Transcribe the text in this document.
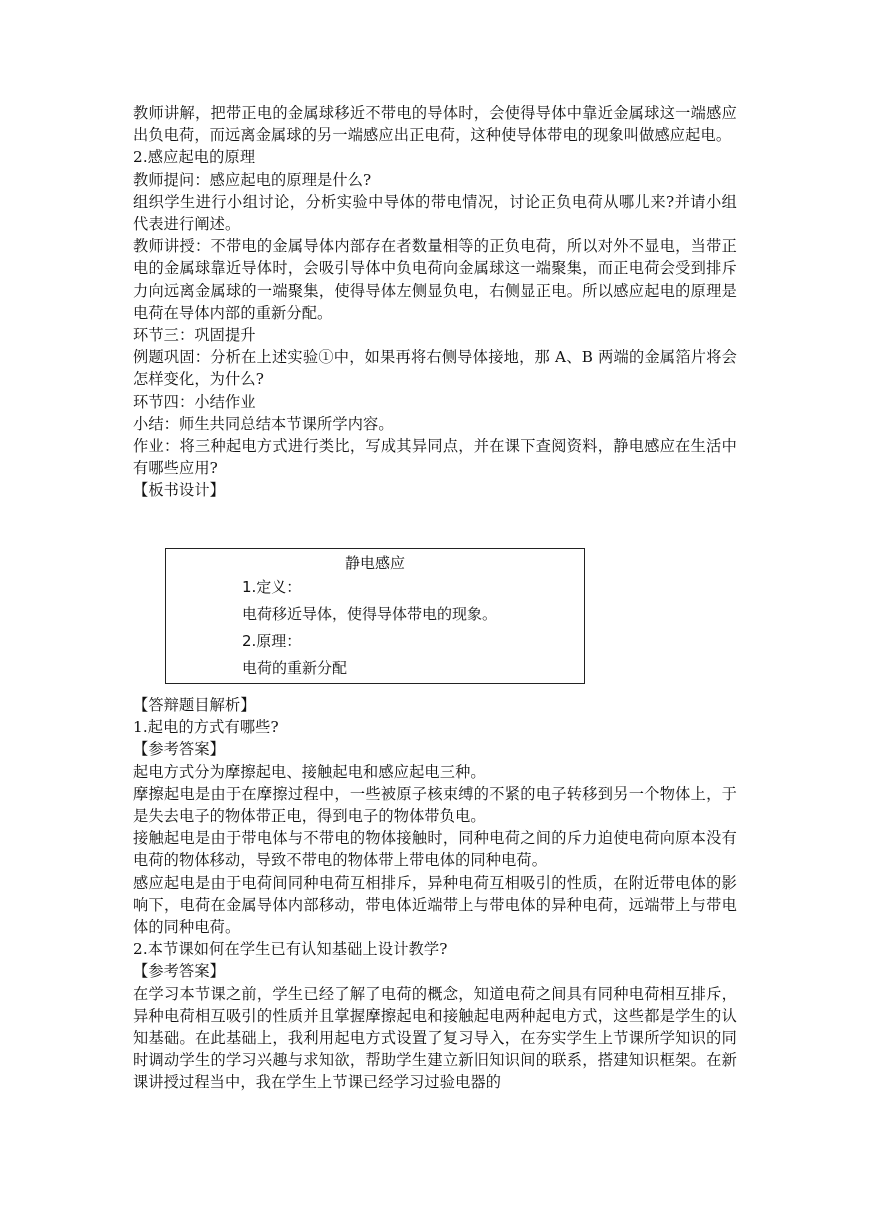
教师讲解，把带正电的金属球移近不带电的导体时，会使得导体中靠近金属球这一端感应出负电荷，而远离金属球的另一端感应出正电荷，这种使导体带电的现象叫做感应起电。

2.感应起电的原理

教师提问：感应起电的原理是什么?

组织学生进行小组讨论，分析实验中导体的带电情况，讨论正负电荷从哪儿来?并请小组代表进行阐述。

教师讲授：不带电的金属导体内部存在者数量相等的正负电荷，所以对外不显电，当带正电的金属球靠近导体时，会吸引导体中负电荷向金属球这一端聚集，而正电荷会受到排斥力向远离金属球的一端聚集，使得导体左侧显负电，右侧显正电。所以感应起电的原理是电荷在导体内部的重新分配。

环节三：巩固提升

例题巩固：分析在上述实验①中，如果再将右侧导体接地，那 A、B 两端的金属箔片将会怎样变化，为什么?

环节四：小结作业

小结：师生共同总结本节课所学内容。

作业：将三种起电方式进行类比，写成其异同点，并在课下查阅资料，静电感应在生活中有哪些应用?

【板书设计】

静电感应
1.定义：
电荷移近导体，使得导体带电的现象。
2.原理：
电荷的重新分配

【答辩题目解析】

1.起电的方式有哪些?

【参考答案】

起电方式分为摩擦起电、接触起电和感应起电三种。

摩擦起电是由于在摩擦过程中，一些被原子核束缚的不紧的电子转移到另一个物体上，于是失去电子的物体带正电，得到电子的物体带负电。

接触起电是由于带电体与不带电的物体接触时，同种电荷之间的斥力迫使电荷向原本没有电荷的物体移动，导致不带电的物体带上带电体的同种电荷。

感应起电是由于电荷间同种电荷互相排斥，异种电荷互相吸引的性质，在附近带电体的影响下，电荷在金属导体内部移动，带电体近端带上与带电体的异种电荷，远端带上与带电体的同种电荷。

2.本节课如何在学生已有认知基础上设计教学?

【参考答案】

在学习本节课之前，学生已经了解了电荷的概念，知道电荷之间具有同种电荷相互排斥，异种电荷相互吸引的性质并且掌握摩擦起电和接触起电两种起电方式，这些都是学生的认知基础。在此基础上，我利用起电方式设置了复习导入，在夯实学生上节课所学知识的同时调动学生的学习兴趣与求知欲，帮助学生建立新旧知识间的联系，搭建知识框架。在新课讲授过程当中，我在学生上节课已经学习过验电器的
